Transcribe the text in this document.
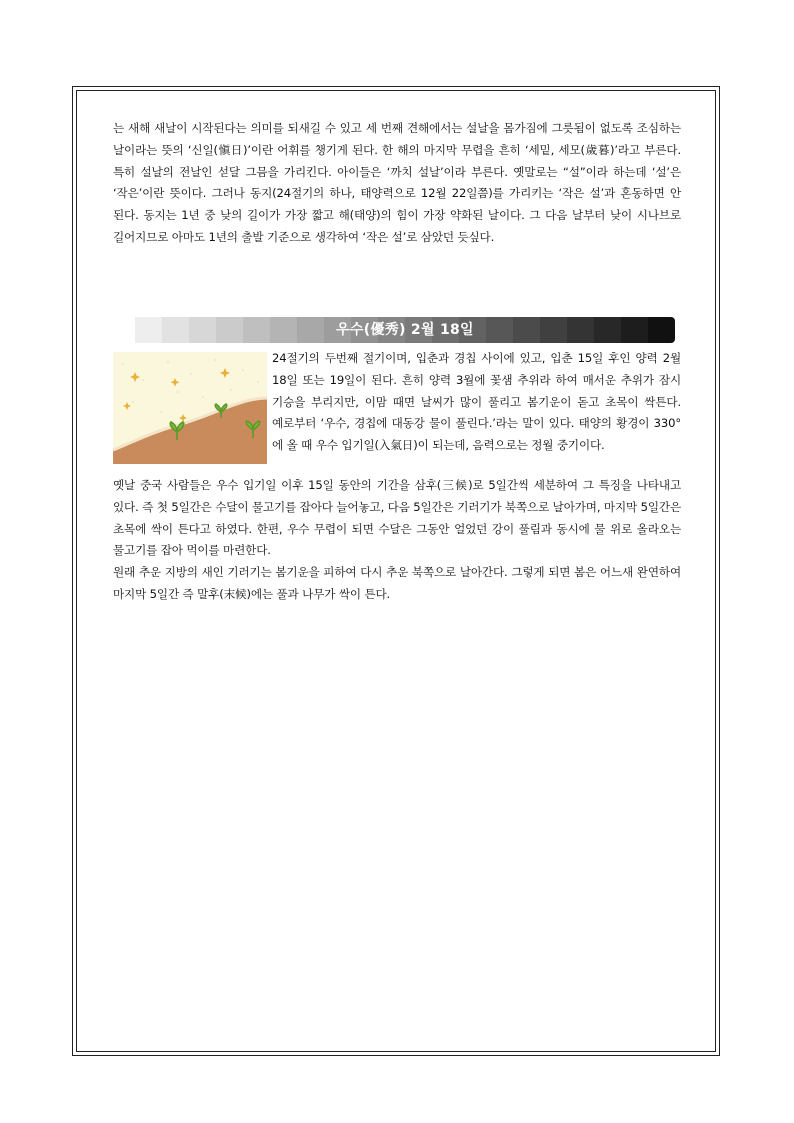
는 새해 새날이 시작된다는 의미를 되새길 수 있고 세 번째 견해에서는 설날을 몸가짐에 그릇됨이 없도록 조심하는 날이라는 뜻의 ‘신일(愼日)’이란 어휘를 챙기게 된다. 한 해의 마지막 무렵을 흔히 ‘세밑, 세모(歲暮)’라고 부른다. 특히 설날의 전날인 섣달 그믐을 가리킨다. 아이들은 ‘까치 설날’이라 부른다. 옛말로는 “설”이라 하는데 ‘설’은 ‘작은’이란 뜻이다. 그러나 동지(24절기의 하나, 태양력으로 12월 22일쯤)를 가리키는 ‘작은 설’과 혼동하면 안 된다. 동지는 1년 중 낮의 길이가 가장 짧고 해(태양)의 힘이 가장 약화된 날이다. 그 다음 날부터 낮이 시나브로 길어지므로 아마도 1년의 출발 기준으로 생각하여 ‘작은 설’로 삼았던 듯싶다.

우수(優秀) 2월 18일

24절기의 두번째 절기이며, 입춘과 경칩 사이에 있고, 입춘 15일 후인 양력 2월 18일 또는 19일이 된다. 흔히 양력 3월에 꽃샘 추위라 하여 매서운 추위가 잠시 기승을 부리지만, 이맘 때면 날씨가 많이 풀리고 봄기운이 돋고 초목이 싹튼다. 예로부터 ‘우수, 경칩에 대동강 물이 풀린다.’라는 말이 있다. 태양의 황경이 330°에 올 때 우수 입기일(入氣日)이 되는데, 음력으로는 정월 중기이다.

옛날 중국 사람들은 우수 입기일 이후 15일 동안의 기간을 삼후(三候)로 5일간씩 세분하여 그 특징을 나타내고 있다. 즉 첫 5일간은 수달이 물고기를 잡아다 늘어놓고, 다음 5일간은 기러기가 북쪽으로 날아가며, 마지막 5일간은 초목에 싹이 튼다고 하였다. 한편, 우수 무렵이 되면 수달은 그동안 얼었던 강이 풀림과 동시에 물 위로 올라오는 물고기를 잡아 먹이를 마련한다.

원래 추운 지방의 새인 기러기는 봄기운을 피하여 다시 추운 북쪽으로 날아간다. 그렇게 되면 봄은 어느새 완연하여 마지막 5일간 즉 말후(末候)에는 풀과 나무가 싹이 튼다.
